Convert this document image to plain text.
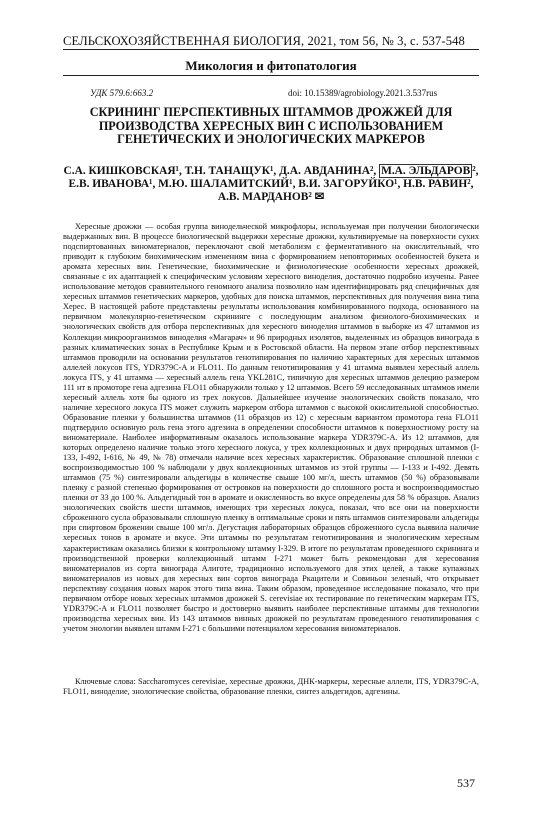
СЕЛЬСКОХОЗЯЙСТВЕННАЯ БИОЛОГИЯ, 2021, том 56, № 3, с. 537-548
Микология и фитопатология
УДК 579.6:663.2	doi: 10.15389/agrobiology.2021.3.537rus
СКРИНИНГ ПЕРСПЕКТИВНЫХ ШТАММОВ ДРОЖЖЕЙ ДЛЯ ПРОИЗВОДСТВА ХЕРЕСНЫХ ВИН С ИСПОЛЬЗОВАНИЕМ ГЕНЕТИЧЕСКИХ И ЭНОЛОГИЧЕСКИХ МАРКЕРОВ
С.А. КИШКОВСКАЯ¹, Т.Н. ТАНАЩУК¹, Д.А. АВДАНИНА², М.А. ЭЛЬДАРОВ ², Е.В. ИВАНОВА¹, М.Ю. ШАЛАМИТСКИЙ¹, В.И. ЗАГОРУЙКО¹, Н.В. РАВИН², А.В. МАРДАНОВ² ✉
Хересные дрожжи — особая группа винодельческой микрофлоры, используемая при получении биологически выдержанных вин. В процессе биологической выдержки хересные дрожжи, культивируемые на поверхности сухих подспиртованных виноматериалов, переключают свой метаболизм с ферментативного на окислительный, что приводит к глубоким биохимическим изменениям вина с формированием неповторимых особенностей букета и аромата хересных вин. Генетические, биохимические и физиологические особенности хересных дрожжей, связанные с их адаптацией к специфическим условиям хересного виноделия, достаточно подробно изучены. Ранее использование методов сравнительного геномного анализа позволило нам идентифицировать ряд специфичных для хересных штаммов генетических маркеров, удобных для поиска штаммов, перспективных для получения вина типа Херес. В настоящей работе представлены результаты использования комбинированного подхода, основанного на первичном молекулярно-генетическом скрининге с последующим анализом физиолого-биохимических и энологических свойств для отбора перспективных для хересного виноделия штаммов в выборке из 47 штаммов из Коллекции микроорганизмов виноделия «Магарач» и 96 природных изолятов, выделенных из образцов винограда в разных климатических зонах в Республике Крым и в Ростовской области. На первом этапе отбор перспективных штаммов проводили на основании результатов генотипирования по наличию характерных для хересных штаммов аллелей локусов ITS, YDR379C-A и FLO11. По данным генотипирования у 41 штамма выявлен хересный аллель локуса ITS, у 41 штамма — хересный аллель гена YKL281C, типичную для хересных штаммов делецию размером 111 нт в промоторе гена адгезина FLO11 обнаружили только у 12 штаммов. Всего 59 исследованных штаммов имели хересный аллель хотя бы одного из трех локусов. Дальнейшее изучение энологических свойств показало, что наличие хересного локуса ITS может служить маркером отбора штаммов с высокой окислительной способностью. Образование пленки у большинства штаммов (11 образцов из 12) с хересным вариантом промотора гена FLO11 подтвердило основную роль гена этого адгезина в определении способности штаммов к поверхностному росту на виноматериале. Наиболее информативным оказалось использование маркера YDR379C-A. Из 12 штаммов, для которых определено наличие только этого хересного локуса, у трех коллекционных и двух природных штаммов (I-133, I-492, I-616, № 49, № 78) отмечали наличие всех хересных характеристик. Образование сплошной пленки с воспроизводимостью 100 % наблюдали у двух коллекционных штаммов из этой группы — I-133 и I-492. Девять штаммов (75 %) синтезировали альдегиды в количестве свыше 100 мг/л, шесть штаммов (50 %) образовывали пленку с разной степенью формирования от островков на поверхности до сплошного роста и воспроизводимостью пленки от 33 до 100 %. Альдегидный тон в аромате и окисленность во вкусе определены для 58 % образцов. Анализ энологических свойств шести штаммов, имеющих три хересных локуса, показал, что все они на поверхности сброженного сусла образовывали сплошную пленку в оптимальные сроки и пять штаммов синтезировали альдегиды при спиртовом брожении свыше 100 мг/л. Дегустация лабораторных образцов сброженного сусла выявила наличие хересных тонов в аромате и вкусе. Эти штаммы по результатам генотипирования и энологическим хересным характеристикам оказались близки к контрольному штамму I-329. В итоге по результатам проведенного скрининга и производственной проверки коллекционный штамм I-271 может быть рекомендован для хересования виноматериалов из сорта винограда Алиготе, традиционно используемого для этих целей, а также купажных виноматериалов из новых для хересных вин сортов винограда Ркацители и Совиньон зеленый, что открывает перспективу создания новых марок этого типа вина. Таким образом, проведенное исследование показало, что при первичном отборе новых хересных штаммов дрожжей S. cerevisiae их тестирование по генетическим маркерам ITS, YDR379C-A и FLO11 позволяет быстро и достоверно выявить наиболее перспективные штаммы для технологии производства хересных вин. Из 143 штаммов винных дрожжей по результатам проведенного генотипирования с учетом энологии выявлен штамм I-271 с большими потенциалом хересования виноматериалов.
Ключевые слова: Saccharomyces cerevisiae, хересные дрожжи, ДНК-маркеры, хересные аллели, ITS, YDR379C-A, FLO11, виноделие, энологические свойства, образование пленки, синтез альдегидов, адгезины.
537
